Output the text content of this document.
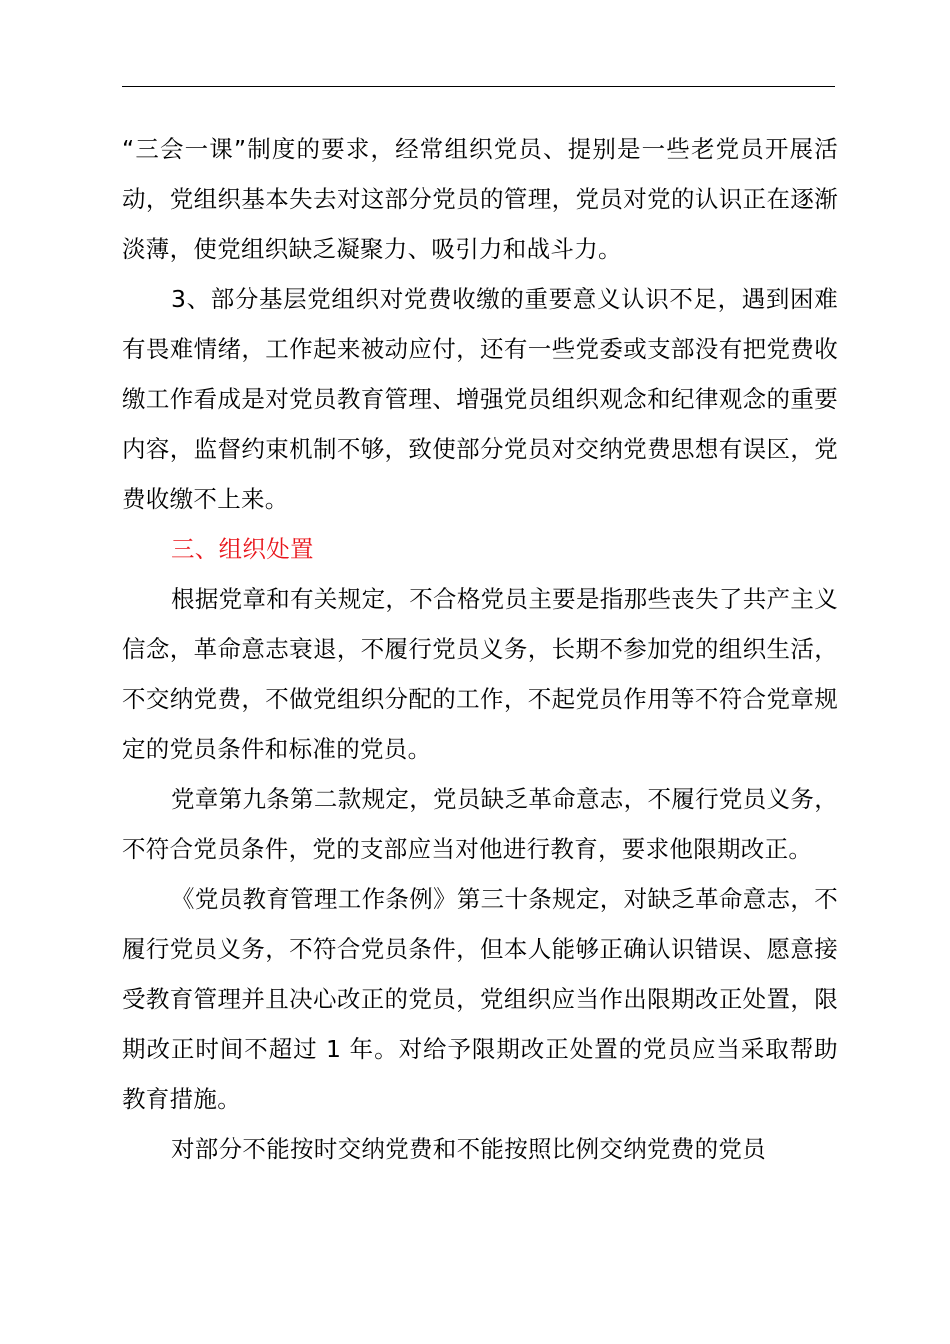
“三会一课”制度的要求，经常组织党员、提别是一些老党员开展活动，党组织基本失去对这部分党员的管理，党员对党的认识正在逐渐淡薄，使党组织缺乏凝聚力、吸引力和战斗力。

3、部分基层党组织对党费收缴的重要意义认识不足，遇到困难有畏难情绪，工作起来被动应付，还有一些党委或支部没有把党费收缴工作看成是对党员教育管理、增强党员组织观念和纪律观念的重要内容，监督约束机制不够，致使部分党员对交纳党费思想有误区，党费收缴不上来。

三、组织处置

根据党章和有关规定，不合格党员主要是指那些丧失了共产主义信念，革命意志衰退，不履行党员义务，长期不参加党的组织生活，不交纳党费，不做党组织分配的工作，不起党员作用等不符合党章规定的党员条件和标准的党员。

党章第九条第二款规定，党员缺乏革命意志，不履行党员义务，不符合党员条件，党的支部应当对他进行教育，要求他限期改正。

《党员教育管理工作条例》第三十条规定，对缺乏革命意志，不履行党员义务，不符合党员条件，但本人能够正确认识错误、愿意接受教育管理并且决心改正的党员，党组织应当作出限期改正处置，限期改正时间不超过 1 年。对给予限期改正处置的党员应当采取帮助教育措施。

对部分不能按时交纳党费和不能按照比例交纳党费的党员
